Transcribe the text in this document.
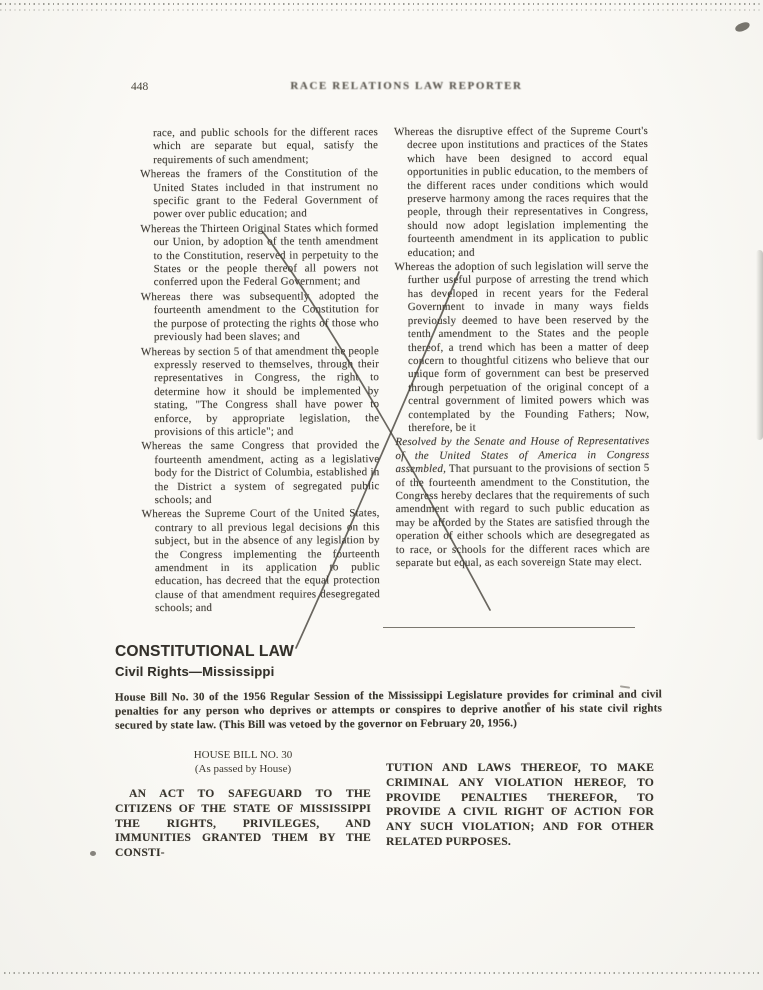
448	RACE RELATIONS LAW REPORTER

race, and public schools for the different races which are separate but equal, satisfy the requirements of such amendment;

Whereas the framers of the Constitution of the United States included in that instrument no specific grant to the Federal Government of power over public education; and

Whereas the Thirteen Original States which formed our Union, by adoption of the tenth amendment to the Constitution, reserved in perpetuity to the States or the people thereof all powers not conferred upon the Federal Government; and

Whereas there was subsequently adopted the fourteenth amendment to the Constitution for the purpose of protecting the rights of those who previously had been slaves; and

Whereas by section 5 of that amendment the people expressly reserved to themselves, through their representatives in Congress, the right to determine how it should be implemented by stating, "The Congress shall have power to enforce, by appropriate legislation, the provisions of this article"; and

Whereas the same Congress that provided the fourteenth amendment, acting as a legislative body for the District of Columbia, established in the District a system of segregated public schools; and

Whereas the Supreme Court of the United States, contrary to all previous legal decisions on this subject, but in the absence of any legislation by the Congress implementing the fourteenth amendment in its application to public education, has decreed that the equal protection clause of that amendment requires desegregated schools; and

Whereas the disruptive effect of the Supreme Court's decree upon institutions and practices of the States which have been designed to accord equal opportunities in public education, to the members of the different races under conditions which would preserve harmony among the races requires that the people, through their representatives in Congress, should now adopt legislation implementing the fourteenth amendment in its application to public education; and

Whereas the adoption of such legislation will serve the further useful purpose of arresting the trend which has developed in recent years for the Federal Government to invade in many ways fields previously deemed to have been reserved by the tenth amendment to the States and the people thereof, a trend which has been a matter of deep concern to thoughtful citizens who believe that our unique form of government can best be preserved through perpetuation of the original concept of a central government of limited powers which was contemplated by the Founding Fathers; Now, therefore, be it

Resolved by the Senate and House of Representatives of the United States of America in Congress assembled, That pursuant to the provisions of section 5 of the fourteenth amendment to the Constitution, the Congress hereby declares that the requirements of such amendment with regard to such public education as may be afforded by the States are satisfied through the operation of either schools which are desegregated as to race, or schools for the different races which are separate but equal, as each sovereign State may elect.

CONSTITUTIONAL LAW
Civil Rights—Mississippi

House Bill No. 30 of the 1956 Regular Session of the Mississippi Legislature provides for criminal and civil penalties for any person who deprives or attempts or conspires to deprive another of his state civil rights secured by state law. (This Bill was vetoed by the governor on February 20, 1956.)

HOUSE BILL NO. 30
(As passed by House)

AN ACT TO SAFEGUARD TO THE CITIZENS OF THE STATE OF MISSISSIPPI THE RIGHTS, PRIVILEGES, AND IMMUNITIES GRANTED THEM BY THE CONSTI-

TUTION AND LAWS THEREOF, TO MAKE CRIMINAL ANY VIOLATION HEREOF, TO PROVIDE PENALTIES THEREFOR, TO PROVIDE A CIVIL RIGHT OF ACTION FOR ANY SUCH VIOLATION; AND FOR OTHER RELATED PURPOSES.
